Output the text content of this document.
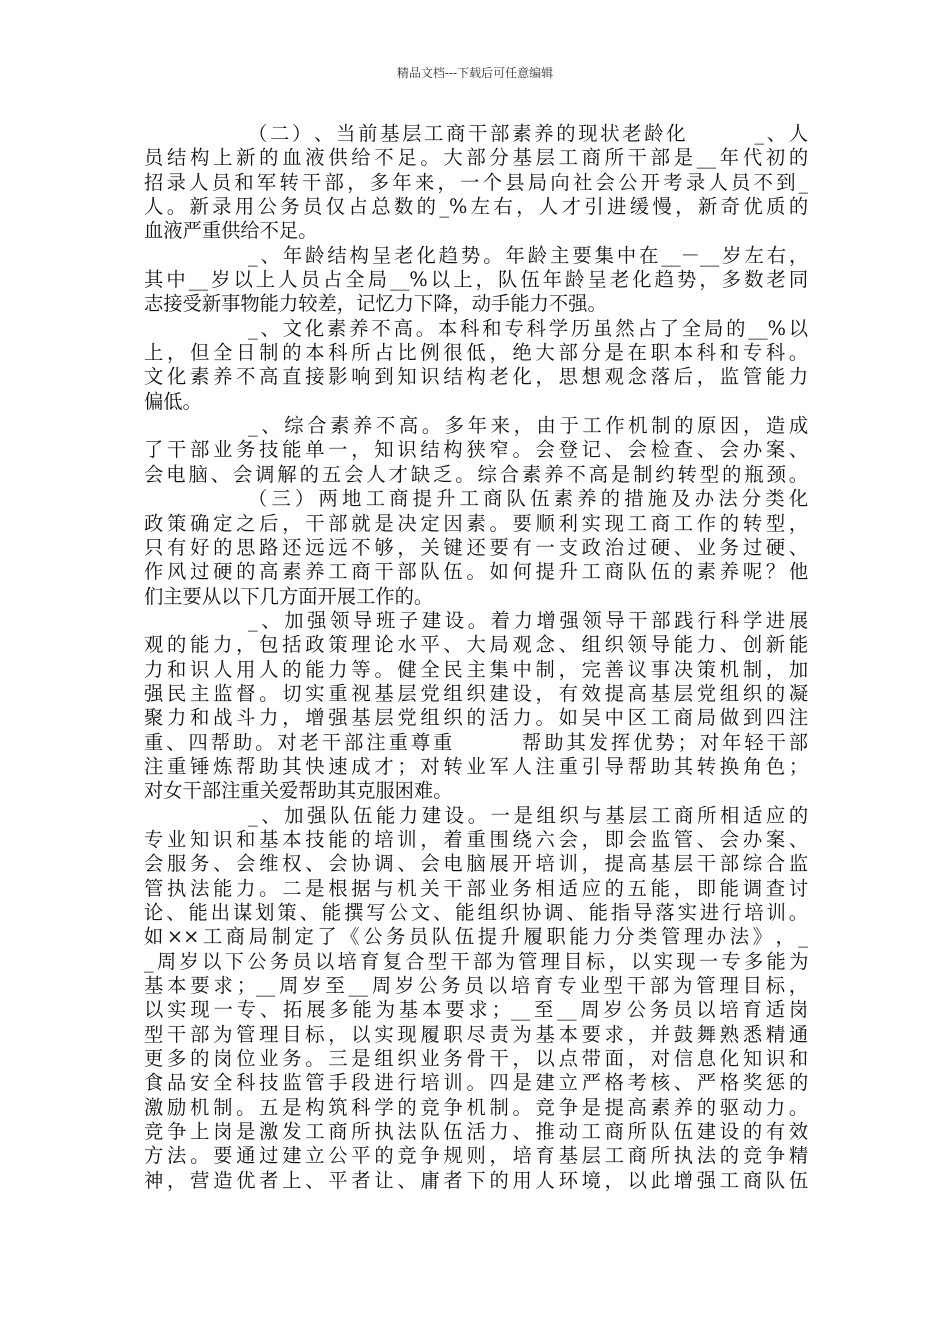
精品文档---下载后可任意编辑
（二）、当前基层工商干部素养的现状老龄化　　　	_、人
员结构上新的血液供给不足。大部分基层工商所干部是__年代初的
招录人员和军转干部，多年来，一个县局向社会公开考录人员不到_
人。新录用公务员仅占总数的_%左右，人才引进缓慢，新奇优质的
血液严重供给不足。
_、年龄结构呈老化趋势。年龄主要集中在__－__岁左右，
其中__岁以上人员占全局__%以上，队伍年龄呈老化趋势，多数老同
志接受新事物能力较差，记忆力下降，动手能力不强。
_、文化素养不高。本科和专科学历虽然占了全局的__%以
上，但全日制的本科所占比例很低，绝大部分是在职本科和专科。
文化素养不高直接影响到知识结构老化，思想观念落后，监管能力
偏低。
_、综合素养不高。多年来，由于工作机制的原因，造成
了干部业务技能单一，知识结构狭窄。会登记、会检查、会办案、
会电脑、会调解的五会人才缺乏。综合素养不高是制约转型的瓶颈。
（三）两地工商提升工商队伍素养的措施及办法分类化
政策确定之后，干部就是决定因素。要顺利实现工商工作的转型，
只有好的思路还远远不够，关键还要有一支政治过硬、业务过硬、
作风过硬的高素养工商干部队伍。如何提升工商队伍的素养呢？他
们主要从以下几方面开展工作的。
_、加强领导班子建设。着力增强领导干部践行科学进展
观的能力，包括政策理论水平、大局观念、组织领导能力、创新能
力和识人用人的能力等。健全民主集中制，完善议事决策机制，加
强民主监督。切实重视基层党组织建设，有效提高基层党组织的凝
聚力和战斗力，增强基层党组织的活力。如吴中区工商局做到四注
重、四帮助。对老干部注重尊重　　　	帮助其发挥优势；对年轻干部
注重锤炼帮助其快速成才；对转业军人注重引导帮助其转换角色；
对女干部注重关爱帮助其克服困难。
_、加强队伍能力建设。一是组织与基层工商所相适应的
专业知识和基本技能的培训，着重围绕六会，即会监管、会办案、
会服务、会维权、会协调、会电脑展开培训，提高基层干部综合监
管执法能力。二是根据与机关干部业务相适应的五能，即能调查讨
论、能出谋划策、能撰写公文、能组织协调、能指导落实进行培训。
如××工商局制定了《公务员队伍提升履职能力分类管理办法》，_
_周岁以下公务员以培育复合型干部为管理目标，以实现一专多能为
基本要求；__周岁至__周岁公务员以培育专业型干部为管理目标，
以实现一专、拓展多能为基本要求；__至__周岁公务员以培育适岗
型干部为管理目标，以实现履职尽责为基本要求，并鼓舞熟悉精通
更多的岗位业务。三是组织业务骨干，以点带面，对信息化知识和
食品安全科技监管手段进行培训。四是建立严格考核、严格奖惩的
激励机制。五是构筑科学的竞争机制。竞争是提高素养的驱动力。
竞争上岗是激发工商所执法队伍活力、推动工商所队伍建设的有效
方法。要通过建立公平的竞争规则，培育基层工商所执法的竞争精
神，营造优者上、平者让、庸者下的用人环境，以此增强工商队伍
